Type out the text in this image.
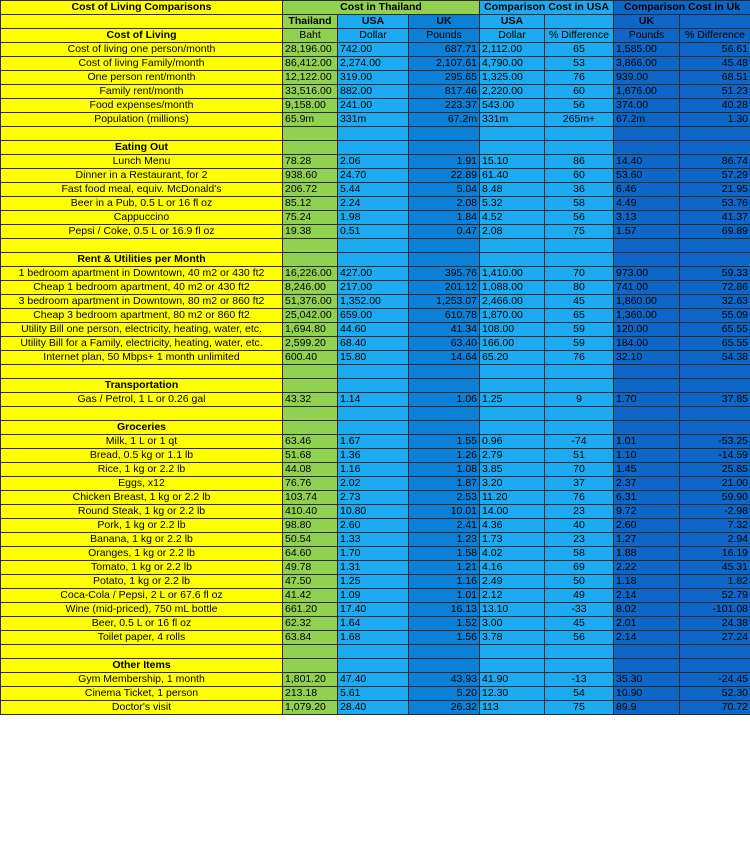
Cost of Living Comparisons	Cost in Thailand			Comparison Cost in USA		Comparison Cost in Uk	
	Thailand	USA	UK	USA		UK	
Cost of Living	Baht	Dollar	Pounds	Dollar	% Difference	Pounds	% Difference
Cost of living one person/month	28,196.00	742.00	687.71	2,112.00	65	1,585.00	56.61
Cost of living Family/month	86,412.00	2,274.00	2,107.61	4,790.00	53	3,866.00	45.48
One person rent/month	12,122.00	319.00	295.65	1,325.00	76	939.00	68.51
Family rent/month	33,516.00	882.00	817.46	2,220.00	60	1,676.00	51.23
Food expenses/month	9,158.00	241.00	223.37	543.00	56	374.00	40.28
Population (millions)	65.9m	331m	67.2m	331m	265m+	67.2m	1.30

Eating Out							
Lunch Menu	78.28	2.06	1.91	15.10	86	14.40	86.74
Dinner in a Restaurant, for 2	938.60	24.70	22.89	61.40	60	53.60	57.29
Fast food meal, equiv. McDonald's	206.72	5.44	5.04	8.48	36	6.46	21.95
Beer in a Pub, 0.5 L or 16 fl oz	85.12	2.24	2.08	5.32	58	4.49	53.76
Cappuccino	75.24	1.98	1.84	4.52	56	3.13	41.37
Pepsi / Coke, 0.5 L or 16.9 fl oz	19.38	0.51	0.47	2.08	75	1.57	69.89

Rent & Utilities per Month							
1 bedroom apartment in Downtown, 40 m2 or 430 ft2	16,226.00	427.00	395.76	1,410.00	70	973.00	59.33
Cheap 1 bedroom apartment, 40 m2 or 430 ft2	8,246.00	217.00	201.12	1,088.00	80	741.00	72.86
3 bedroom apartment in Downtown, 80 m2 or 860 ft2	51,376.00	1,352.00	1,253.07	2,466.00	45	1,860.00	32.63
Cheap 3 bedroom apartment, 80 m2 or 860 ft2	25,042.00	659.00	610.78	1,870.00	65	1,360.00	55.09
Utility Bill one person, electricity, heating, water, etc.	1,694.80	44.60	41.34	108.00	59	120.00	65.55
Utility Bill for a Family, electricity, heating, water, etc.	2,599.20	68.40	63.40	166.00	59	184.00	65.55
Internet plan, 50 Mbps+ 1 month unlimited	600.40	15.80	14.64	65.20	76	32.10	54.38

Transportation							
Gas / Petrol, 1 L or 0.26 gal	43.32	1.14	1.06	1.25	9	1.70	37.85

Groceries							
Milk, 1 L or 1 qt	63.46	1.67	1.55	0.96	-74	1.01	-53.25
Bread, 0.5 kg or 1.1 lb	51.68	1.36	1.26	2.79	51	1.10	-14.59
Rice, 1 kg or 2.2 lb	44.08	1.16	1.08	3.85	70	1.45	25.85
Eggs, x12	76.76	2.02	1.87	3.20	37	2.37	21.00
Chicken Breast, 1 kg or 2.2 lb	103.74	2.73	2.53	11.20	76	6.31	59.90
Round Steak, 1 kg or 2.2 lb	410.40	10.80	10.01	14.00	23	9.72	-2.98
Pork, 1 kg or 2.2 lb	98.80	2.60	2.41	4.36	40	2.60	7.32
Banana, 1 kg or 2.2 lb	50.54	1.33	1.23	1.73	23	1.27	2.94
Oranges, 1 kg or 2.2 lb	64.60	1.70	1.58	4.02	58	1.88	16.19
Tomato, 1 kg or 2.2 lb	49.78	1.31	1.21	4.16	69	2.22	45.31
Potato, 1 kg or 2.2 lb	47.50	1.25	1.16	2.49	50	1.18	1.82
Coca-Cola / Pepsi, 2 L or 67.6 fl oz	41.42	1.09	1.01	2.12	49	2.14	52.79
Wine (mid-priced), 750 mL bottle	661.20	17.40	16.13	13.10	-33	8.02	-101.08
Beer, 0.5 L or 16 fl oz	62.32	1.64	1.52	3.00	45	2.01	24.38
Toilet paper, 4 rolls	63.84	1.68	1.56	3.78	56	2.14	27.24

Other Items							
Gym Membership, 1 month	1,801.20	47.40	43.93	41.90	-13	35.30	-24.45
Cinema Ticket, 1 person	213.18	5.61	5.20	12.30	54	10.90	52.30
Doctor's visit	1,079.20	28.40	26.32	113	75	89.9	70.72
